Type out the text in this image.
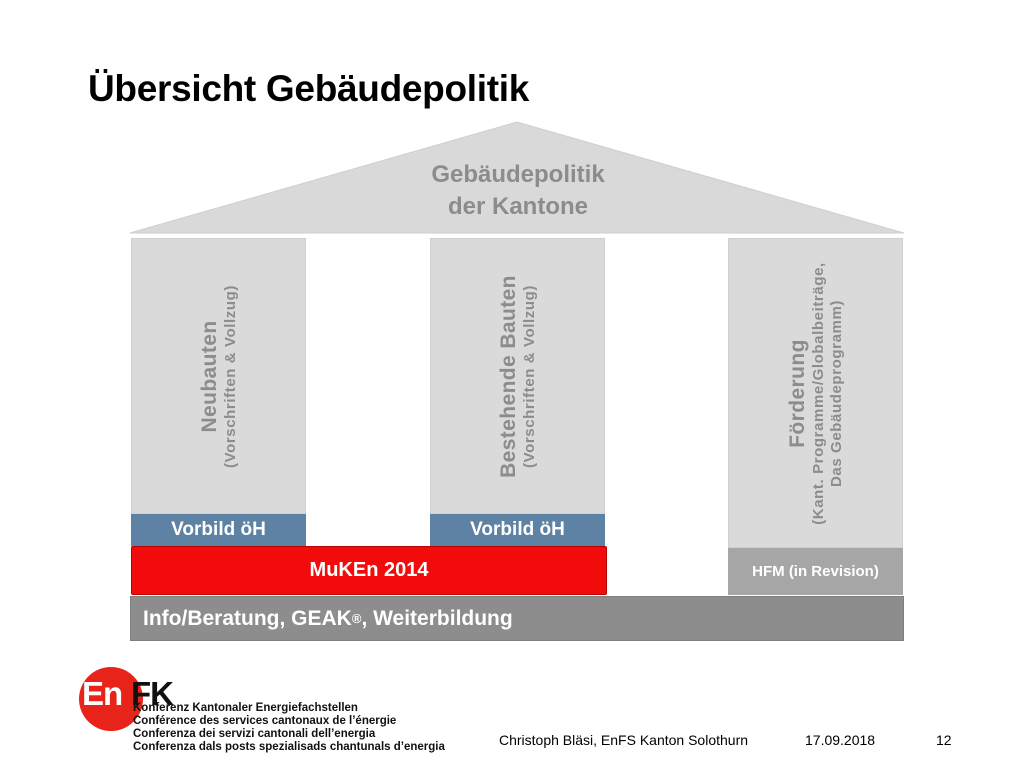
Übersicht Gebäudepolitik
Gebäudepolitik
der Kantone
Neubauten (Vorschriften & Vollzug)
Vorbild öH
Bestehende Bauten (Vorschriften & Vollzug)
Vorbild öH
Förderung (Kant. Programme/Globalbeiträge, Das Gebäudeprogramm)
HFM (in Revision)
MuKEn 2014
Info/Beratung, GEAK ® , Weiterbildung
En FK
Konferenz Kantonaler Energiefachstellen
Conférence des services cantonaux de l’énergie
Conferenza dei servizi cantonali dell’energia
Conferenza dals posts spezialisads chantunals d’energia	Christoph Bläsi, EnFS Kanton Solothurn	17.09.2018	12
